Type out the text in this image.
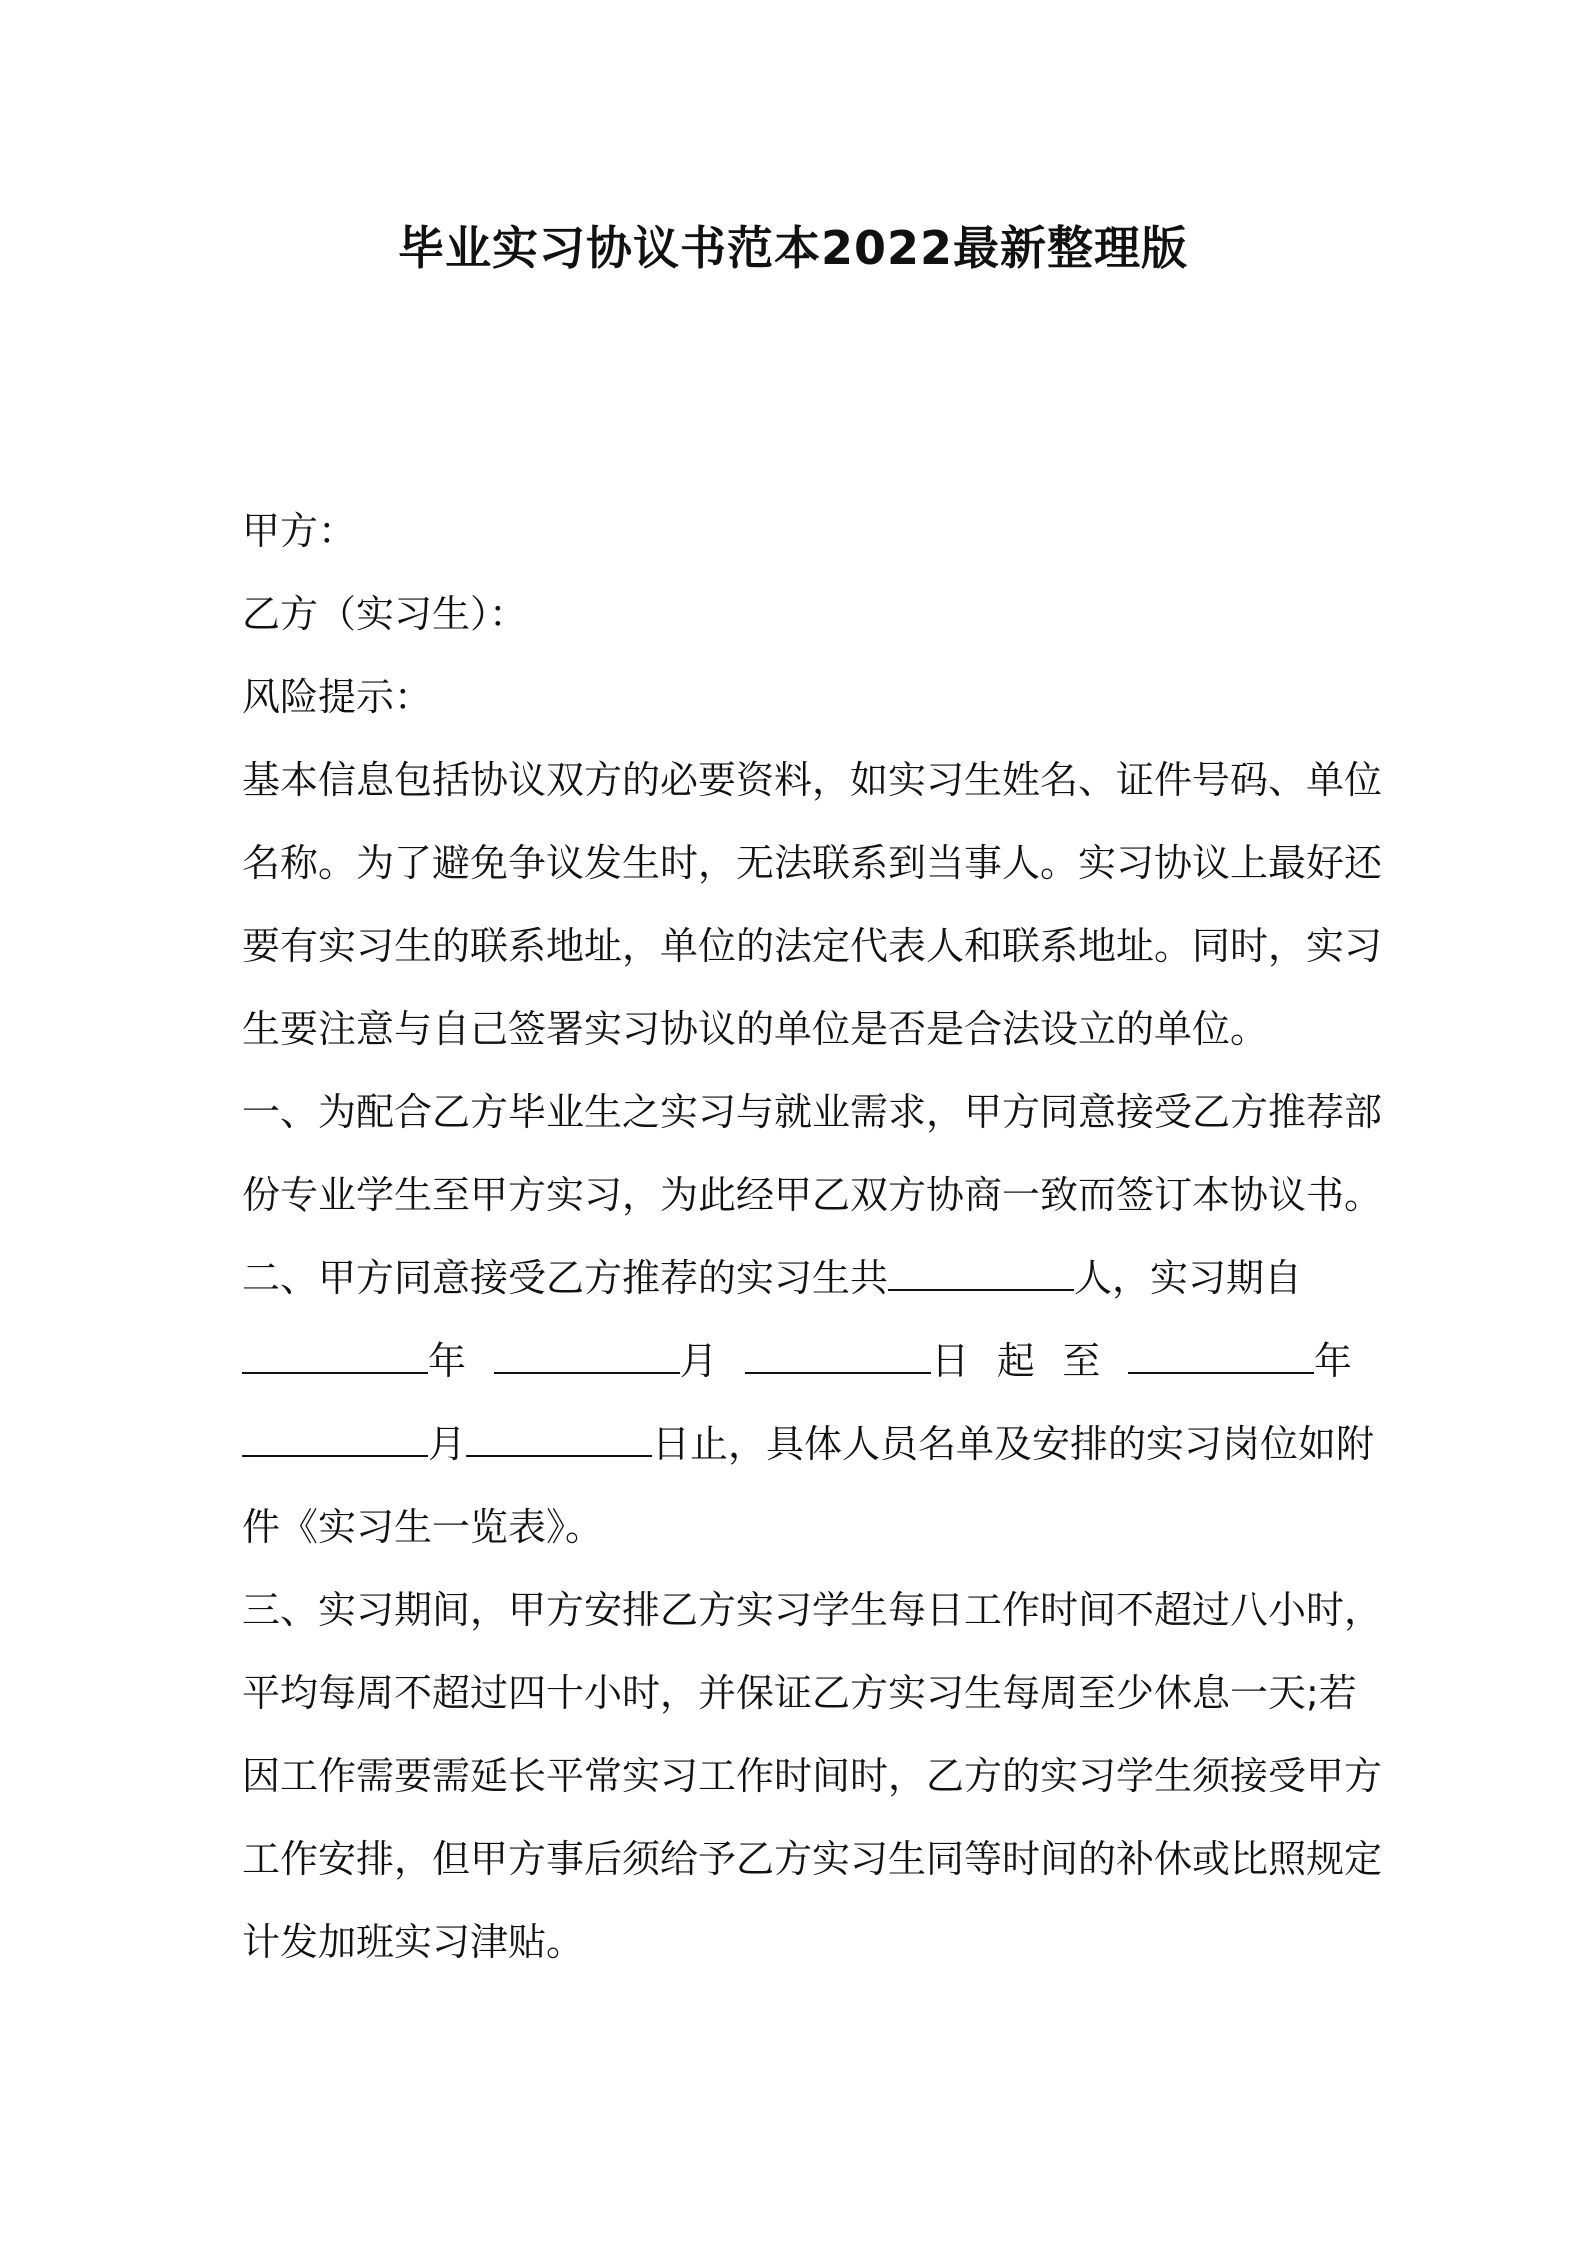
毕业实习协议书范本2022最新整理版
甲方：
乙方（实习生）：
风险提示：
基本信息包括协议双方的必要资料，如实习生姓名、证件号码、单位
名称。为了避免争议发生时，无法联系到当事人。实习协议上最好还
要有实习生的联系地址，单位的法定代表人和联系地址。同时，实习
生要注意与自己签署实习协议的单位是否是合法设立的单位。
一、为配合乙方毕业生之实习与就业需求，甲方同意接受乙方推荐部
份专业学生至甲方实习，为此经甲乙双方协商一致而签订本协议书。
二、甲方同意接受乙方推荐的实习生共	人，实习期自
年	月	日 起 至	年
月	日止，具体人员名单及安排的实习岗位如附
件《实习生一览表》。
三、实习期间，甲方安排乙方实习学生每日工作时间不超过八小时，
平均每周不超过四十小时，并保证乙方实习生每周至少休息一天;若
因工作需要需延长平常实习工作时间时，乙方的实习学生须接受甲方
工作安排，但甲方事后须给予乙方实习生同等时间的补休或比照规定
计发加班实习津贴。
